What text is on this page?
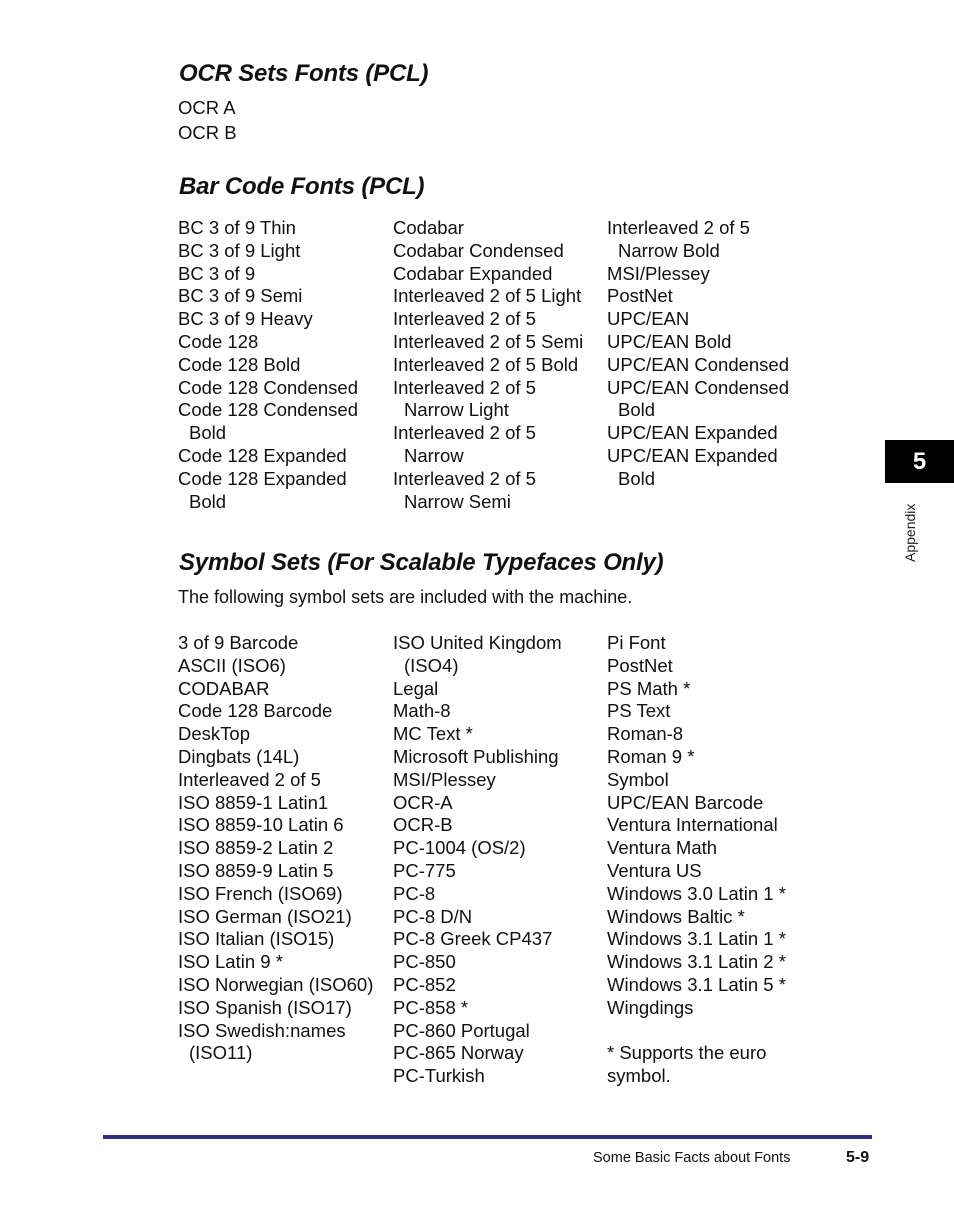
5
Appendix
OCR Sets Fonts (PCL)
OCR A
OCR B
Bar Code Fonts (PCL)
BC 3 of 9 Thin
BC 3 of 9 Light
BC 3 of 9
BC 3 of 9 Semi
BC 3 of 9 Heavy
Code 128
Code 128 Bold
Code 128 Condensed
Code 128 Condensed
Bold
Code 128 Expanded
Code 128 Expanded
Bold
Codabar
Codabar Condensed
Codabar Expanded
Interleaved 2 of 5 Light
Interleaved 2 of 5
Interleaved 2 of 5 Semi
Interleaved 2 of 5 Bold
Interleaved 2 of 5
Narrow Light
Interleaved 2 of 5
Narrow
Interleaved 2 of 5
Narrow Semi
Interleaved 2 of 5
Narrow Bold
MSI/Plessey
PostNet
UPC/EAN
UPC/EAN Bold
UPC/EAN Condensed
UPC/EAN Condensed
Bold
UPC/EAN Expanded
UPC/EAN Expanded
Bold
Symbol Sets (For Scalable Typefaces Only)

The following symbol sets are included with the machine.

3 of 9 Barcode
ASCII (ISO6)
CODABAR
Code 128 Barcode
DeskTop
Dingbats (14L)
Interleaved 2 of 5
ISO 8859-1 Latin1
ISO 8859-10 Latin 6
ISO 8859-2 Latin 2
ISO 8859-9 Latin 5
ISO French (ISO69)
ISO German (ISO21)
ISO Italian (ISO15)
ISO Latin 9 *
ISO Norwegian (ISO60)
ISO Spanish (ISO17)
ISO Swedish:names
(ISO11)
ISO United Kingdom
(ISO4)
Legal
Math-8
MC Text *
Microsoft Publishing
MSI/Plessey
OCR-A
OCR-B
PC-1004 (OS/2)
PC-775
PC-8
PC-8 D/N
PC-8 Greek CP437
PC-850
PC-852
PC-858 *
PC-860 Portugal
PC-865 Norway
PC-Turkish
Pi Font
PostNet
PS Math *
PS Text
Roman-8
Roman 9 *
Symbol
UPC/EAN Barcode
Ventura International
Ventura Math
Ventura US
Windows 3.0 Latin 1 *
Windows Baltic *
Windows 3.1 Latin 1 *
Windows 3.1 Latin 2 *
Windows 3.1 Latin 5 *
Wingdings
* Supports the euro
symbol.
Some Basic Facts about Fonts	5-9
